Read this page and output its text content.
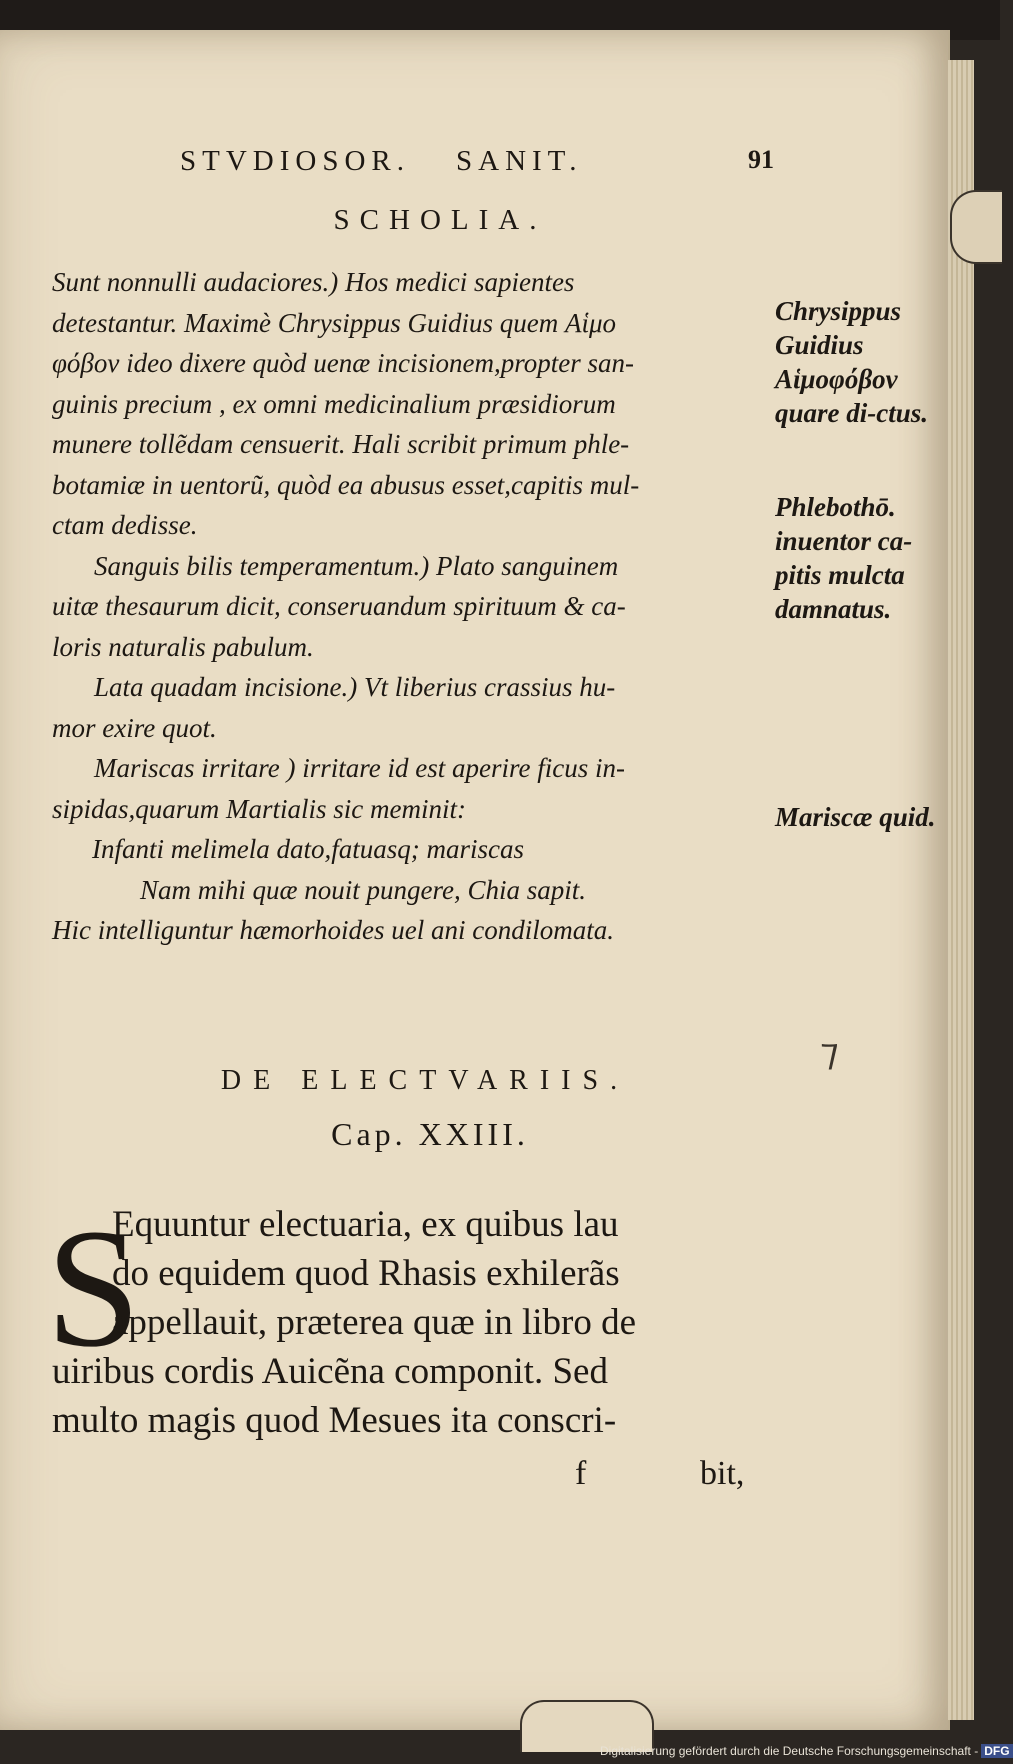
STVDIOSOR. SANIT.	91
SCHOLIA.

Sunt nonnulli audaciores.) Hos medici sapientes

detestantur. Maximè Chrysippus Guidius quem Αἱμο

φόβον ideo dixere quòd uenæ incisionem,propter san-

guinis precium , ex omni medicinalium præsidiorum

munere tollẽdam censuerit. Hali scribit primum phle-

botamiæ in uentorũ, quòd ea abusus esset,capitis mul-

ctam dedisse.

Sanguis bilis temperamentum.) Plato sanguinem

uitæ thesaurum dicit, conseruandum spirituum & ca-

loris naturalis pabulum.

Lata quadam incisione.) Vt liberius crassius hu-

mor exire quot.

Mariscas irritare ) irritare id est aperire ficus in-

sipidas,quarum Martialis sic meminit:

Infanti melimela dato,fatuasq; mariscas

Nam mihi quæ nouit pungere, Chia sapit.

Hic intelliguntur hæmorhoides uel ani condilomata.

Chrysippus Guidius Αἱμοφόβον quare di-ctus.
Phlebothō. inuentor ca-pitis mulcta damnatus.
Mariscæ quid.
⁊
DE ELECTVARIIS.
Cap. XXIII.
S
Equuntur electuaria, ex quibus lau
do equidem quod Rhasis exhilerãs
appellauit, præterea quæ in libro de
uiribus cordis Auicẽna componit. Sed
multo magis quod Mesues ita conscri-
f	bit,
Digitalisierung gefördert durch die Deutsche Forschungsgemeinschaft - DFG
